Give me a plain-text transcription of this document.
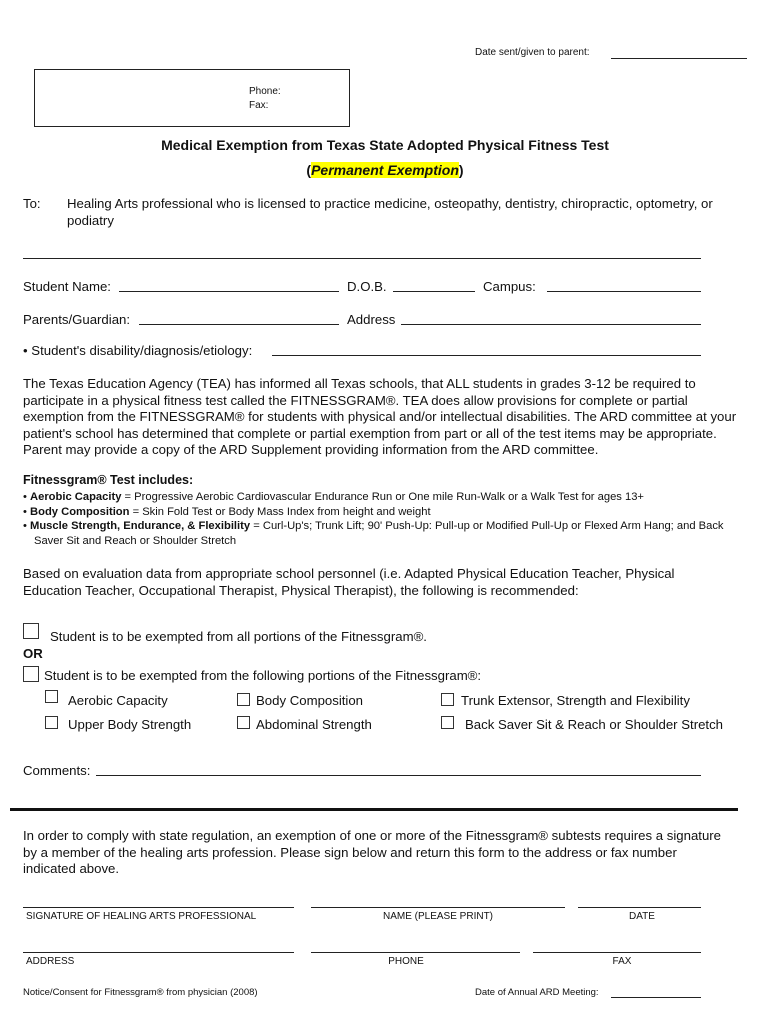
Date sent/given to parent:
Phone:
Fax:
Medical Exemption from Texas State Adopted Physical Fitness Test
(Permanent Exemption)
To: Healing Arts professional who is licensed to practice medicine, osteopathy, dentistry, chiropractic, optometry, or podiatry
Student Name:	D.O.B.	Campus:
Parents/Guardian:	Address
• Student's disability/diagnosis/etiology:

The Texas Education Agency (TEA) has informed all Texas schools, that ALL students in grades 3-12 be required to participate in a physical fitness test called the FITNESSGRAM®. TEA does allow provisions for complete or partial exemption from the FITNESSGRAM® for students with physical and/or intellectual disabilities. The ARD committee at your patient's school has determined that complete or partial exemption from part or all of the test items may be appropriate. Parent may provide a copy of the ARD Supplement providing information from the ARD committee.

Fitnessgram® Test includes:
• Aerobic Capacity = Progressive Aerobic Cardiovascular Endurance Run or One mile Run-Walk or a Walk Test for ages 13+
• Body Composition = Skin Fold Test or Body Mass Index from height and weight
• Muscle Strength, Endurance, & Flexibility = Curl-Up's; Trunk Lift; 90' Push-Up: Pull-up or Modified Pull-Up or Flexed Arm Hang; and Back Saver Sit and Reach or Shoulder Stretch

Based on evaluation data from appropriate school personnel (i.e. Adapted Physical Education Teacher, Physical Education Teacher, Occupational Therapist, Physical Therapist), the following is recommended:

Student is to be exempted from all portions of the Fitnessgram®.
OR
Student is to be exempted from the following portions of the Fitnessgram®:
Aerobic Capacity	Body Composition	Trunk Extensor, Strength and Flexibility
Upper Body Strength	Abdominal Strength	Back Saver Sit & Reach or Shoulder Stretch
Comments:

In order to comply with state regulation, an exemption of one or more of the Fitnessgram® subtests requires a signature by a member of the healing arts profession. Please sign below and return this form to the address or fax number indicated above.

SIGNATURE OF HEALING ARTS PROFESSIONAL	NAME (PLEASE PRINT)	DATE
ADDRESS	PHONE	FAX
Notice/Consent for Fitnessgram® from physician (2008)	Date of Annual ARD Meeting:
